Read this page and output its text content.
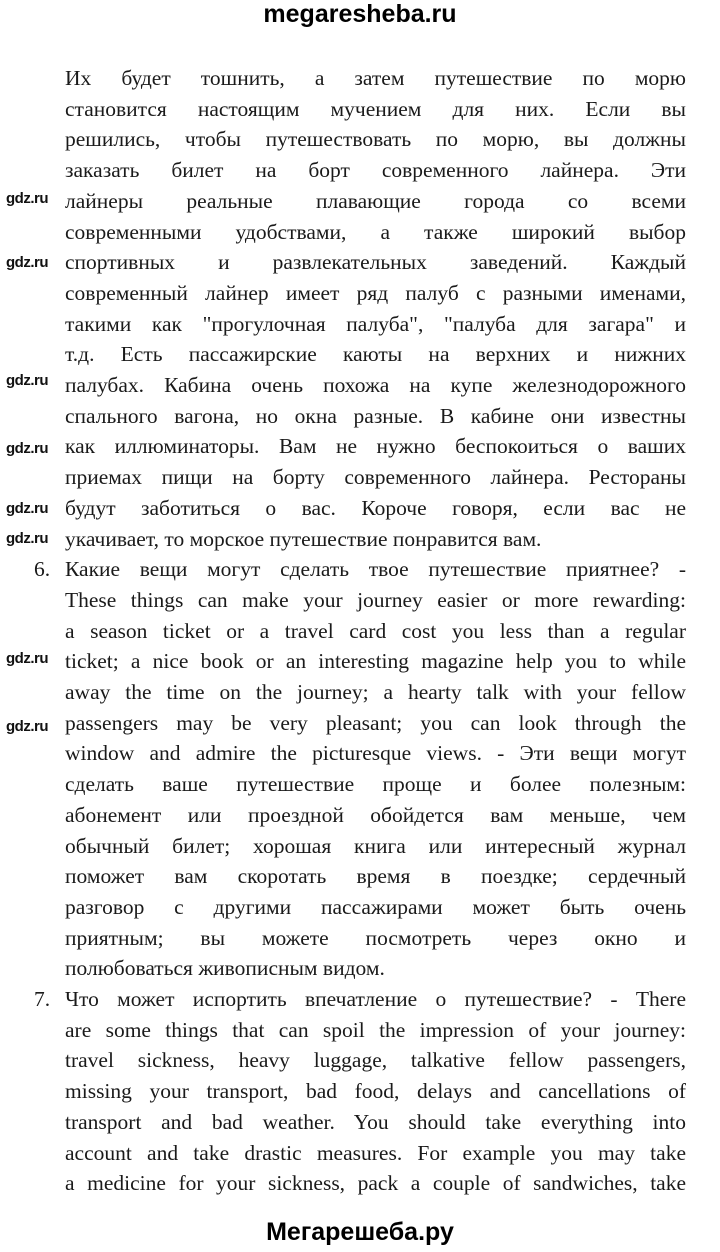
megaresheba.ru
Их будет тошнить, а затем путешествие по морю
становится настоящим мучением для них. Если вы
решились, чтобы путешествовать по морю, вы должны
заказать билет на борт современного лайнера. Эти
лайнеры реальные плавающие города со всеми
современными удобствами, а также широкий выбор
спортивных и развлекательных заведений. Каждый
современный лайнер имеет ряд палуб с разными именами,
такими как "прогулочная палуба", "палуба для загара" и
т.д. Есть пассажирские каюты на верхних и нижних
палубах. Кабина очень похожа на купе железнодорожного
спального вагона, но окна разные. В кабине они известны
как иллюминаторы. Вам не нужно беспокоиться о ваших
приемах пищи на борту современного лайнера. Рестораны
будут заботиться о вас. Короче говоря, если вас не
укачивает, то морское путешествие понравится вам.
6. Какие вещи могут сделать твое путешествие приятнее? -
These things can make your journey easier or more rewarding:
a season ticket or a travel card cost you less than a regular
ticket; a nice book or an interesting magazine help you to while
away the time on the journey; a hearty talk with your fellow
passengers may be very pleasant; you can look through the
window and admire the picturesque views. - Эти вещи могут
сделать ваше путешествие проще и более полезным:
абонемент или проездной обойдется вам меньше, чем
обычный билет; хорошая книга или интересный журнал
поможет вам скоротать время в поездке; сердечный
разговор с другими пассажирами может быть очень
приятным; вы можете посмотреть через окно и
полюбоваться живописным видом.
7. Что может испортить впечатление о путешествие? - There
are some things that can spoil the impression of your journey:
travel sickness, heavy luggage, talkative fellow passengers,
missing your transport, bad food, delays and cancellations of
transport and bad weather. You should take everything into
account and take drastic measures. For example you may take
a medicine for your sickness, pack a couple of sandwiches, take
gdz.ru
gdz.ru
gdz.ru
gdz.ru
gdz.ru
gdz.ru
gdz.ru
gdz.ru
Мегарешеба.ру
